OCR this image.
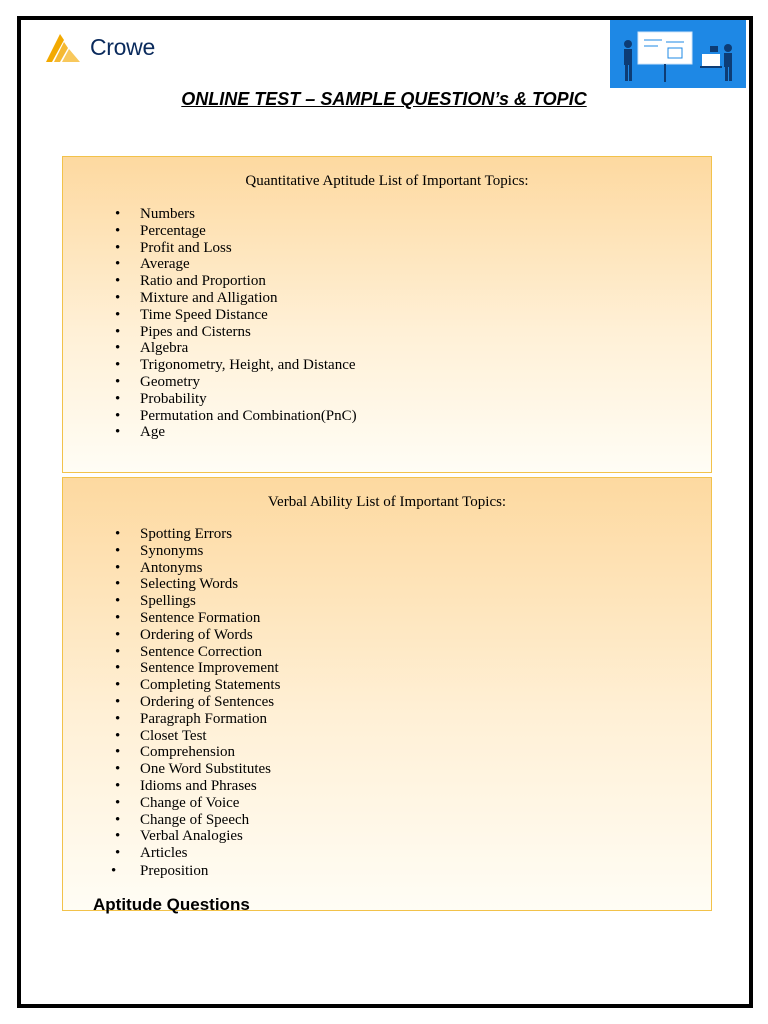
Crowe
ONLINE TEST – SAMPLE QUESTION’s & TOPIC
Quantitative Aptitude List of Important Topics:
• Numbers
• Percentage
• Profit and Loss
• Average
• Ratio and Proportion
• Mixture and Alligation
• Time Speed Distance
• Pipes and Cisterns
• Algebra
• Trigonometry, Height, and Distance
• Geometry
• Probability
• Permutation and Combination(PnC)
• Age
Verbal Ability List of Important Topics:
• Spotting Errors
• Synonyms
• Antonyms
• Selecting Words
• Spellings
• Sentence Formation
• Ordering of Words
• Sentence Correction
• Sentence Improvement
• Completing Statements
• Ordering of Sentences
• Paragraph Formation
• Closet Test
• Comprehension
• One Word Substitutes
• Idioms and Phrases
• Change of Voice
• Change of Speech
• Verbal Analogies
• Articles
• Preposition
Aptitude Questions
